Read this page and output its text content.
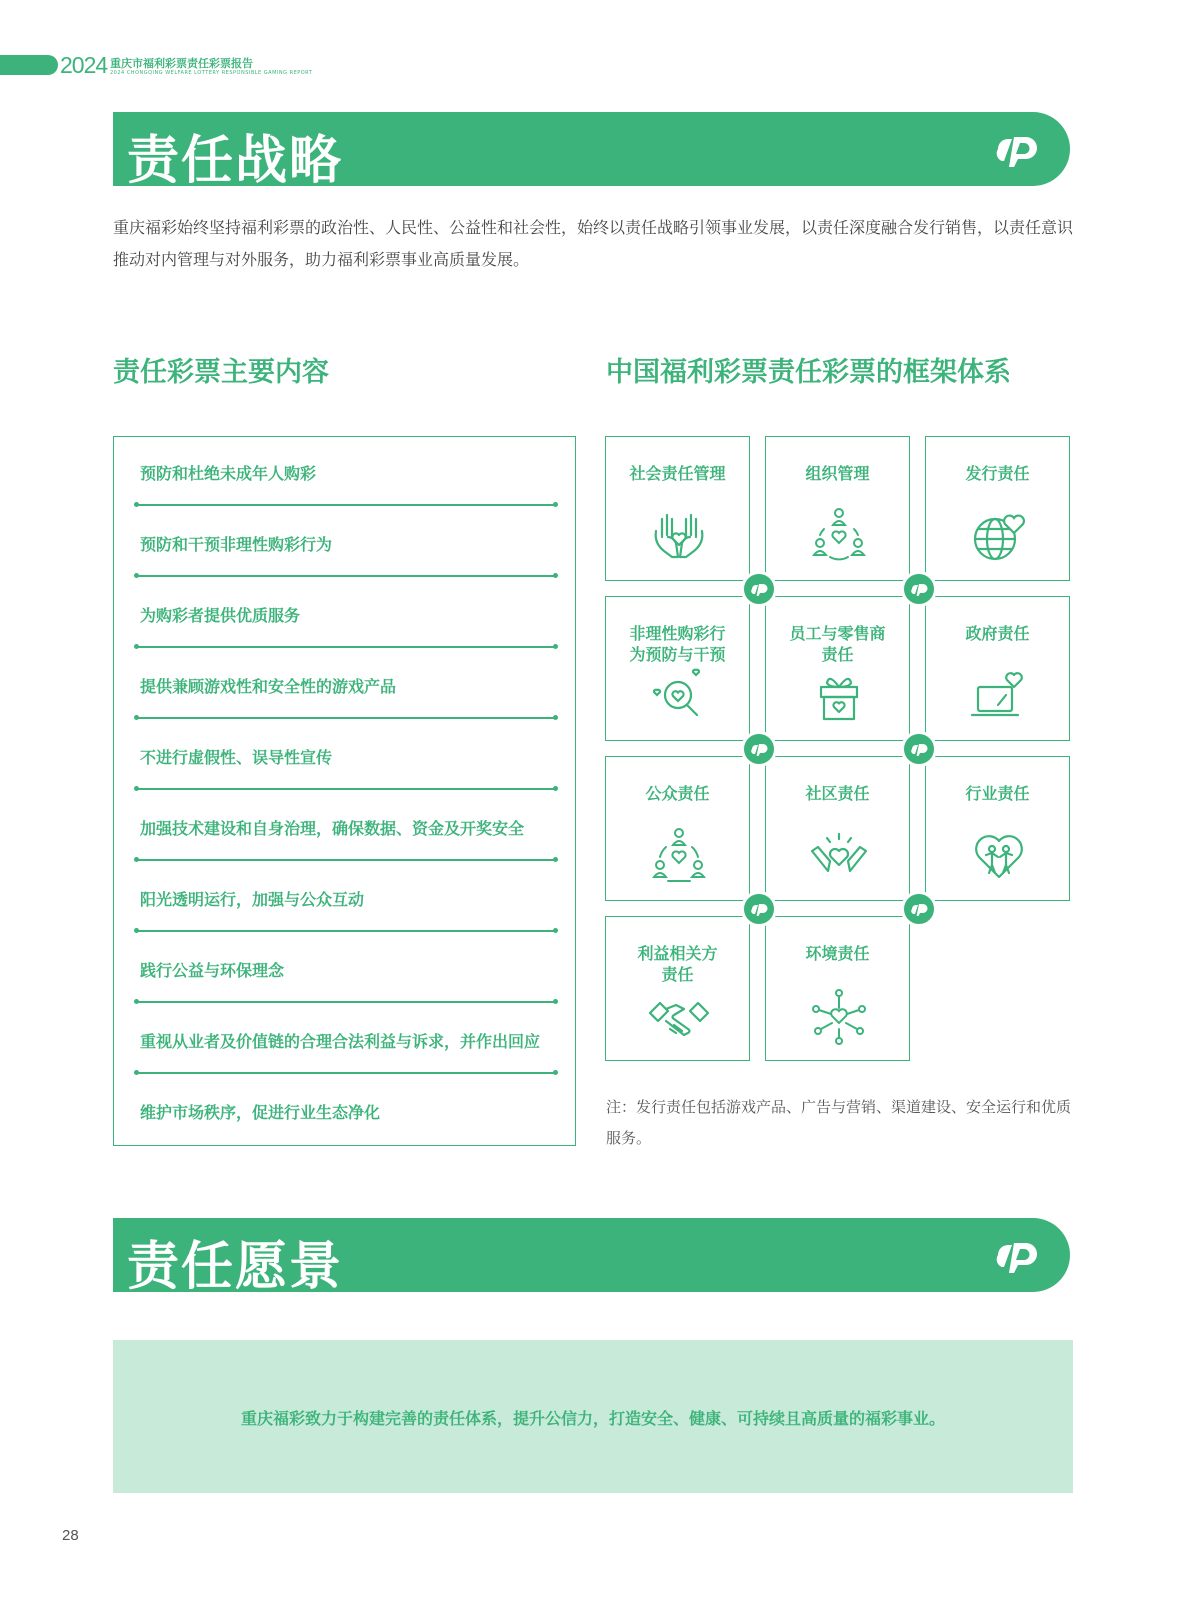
2024 重庆市福利彩票责任彩票报告
2024 CHONGQING WELFARE LOTTERY RESPONSIBLE GAMING REPORT
责任战略
重庆福彩始终坚持福利彩票的政治性、人民性、公益性和社会性，始终以责任战略引领事业发展，以责任深度融合发行销售，以责任意识推动对内管理与对外服务，助力福利彩票事业高质量发展。
责任彩票主要内容
预防和杜绝未成年人购彩
预防和干预非理性购彩行为
为购彩者提供优质服务
提供兼顾游戏性和安全性的游戏产品
不进行虚假性、误导性宣传
加强技术建设和自身治理，确保数据、资金及开奖安全
阳光透明运行，加强与公众互动
践行公益与环保理念
重视从业者及价值链的合理合法利益与诉求，并作出回应
维护市场秩序，促进行业生态净化
中国福利彩票责任彩票的框架体系
社会责任管理	组织管理	发行责任
非理性购彩行
为预防与干预
员工与零售商
责任
政府责任
公众责任	社区责任	行业责任
利益相关方
责任
环境责任
注：发行责任包括游戏产品、广告与营销、渠道建设、安全运行和优质服务。
责任愿景
重庆福彩致力于构建完善的责任体系，提升公信力，打造安全、健康、可持续且高质量的福彩事业。
28
